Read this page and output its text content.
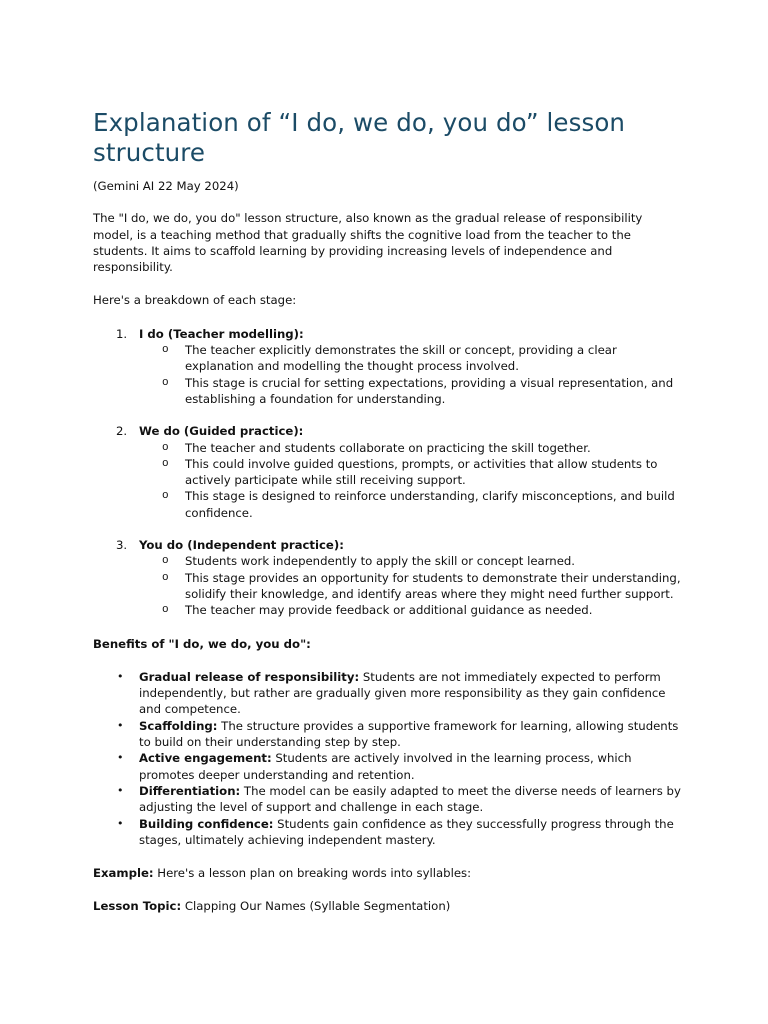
Explanation of “I do, we do, you do” lesson structure

(Gemini AI 22 May 2024)

The "I do, we do, you do" lesson structure, also known as the gradual release of responsibility model, is a teaching method that gradually shifts the cognitive load from the teacher to the students. It aims to scaffold learning by providing increasing levels of independence and responsibility.

Here's a breakdown of each stage:

1. I do (Teacher modelling):
o The teacher explicitly demonstrates the skill or concept, providing a clear explanation and modelling the thought process involved.
o This stage is crucial for setting expectations, providing a visual representation, and establishing a foundation for understanding.
2. We do (Guided practice):
o The teacher and students collaborate on practicing the skill together.
o This could involve guided questions, prompts, or activities that allow students to actively participate while still receiving support.
o This stage is designed to reinforce understanding, clarify misconceptions, and build confidence.
3. You do (Independent practice):
o Students work independently to apply the skill or concept learned.
o This stage provides an opportunity for students to demonstrate their understanding, solidify their knowledge, and identify areas where they might need further support.
o The teacher may provide feedback or additional guidance as needed.

Benefits of "I do, we do, you do":

• Gradual release of responsibility: Students are not immediately expected to perform independently, but rather are gradually given more responsibility as they gain confidence and competence.
• Scaffolding: The structure provides a supportive framework for learning, allowing students to build on their understanding step by step.
• Active engagement: Students are actively involved in the learning process, which promotes deeper understanding and retention.
• Differentiation: The model can be easily adapted to meet the diverse needs of learners by adjusting the level of support and challenge in each stage.
• Building confidence: Students gain confidence as they successfully progress through the stages, ultimately achieving independent mastery.

Example: Here's a lesson plan on breaking words into syllables:

Lesson Topic: Clapping Our Names (Syllable Segmentation)
